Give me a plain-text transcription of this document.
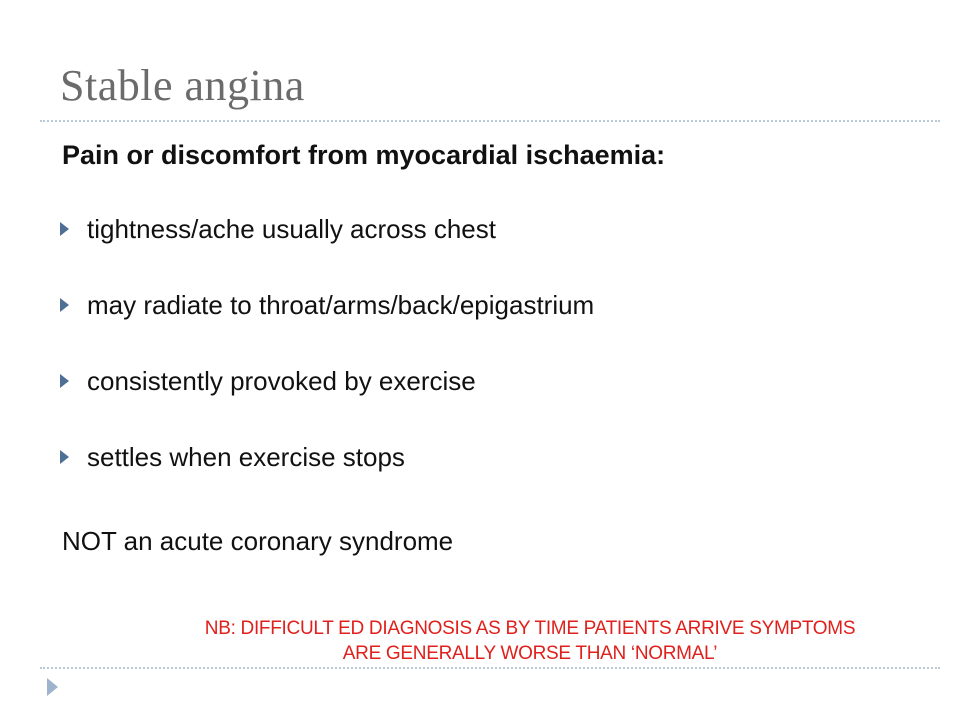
Stable angina
Pain or discomfort from myocardial ischaemia:
tightness/ache usually across chest
may radiate to throat/arms/back/epigastrium
consistently provoked by exercise
settles when exercise stops
NOT an acute coronary syndrome
NB: DIFFICULT ED DIAGNOSIS AS BY TIME PATIENTS ARRIVE SYMPTOMS
ARE GENERALLY WORSE THAN ‘NORMAL’
